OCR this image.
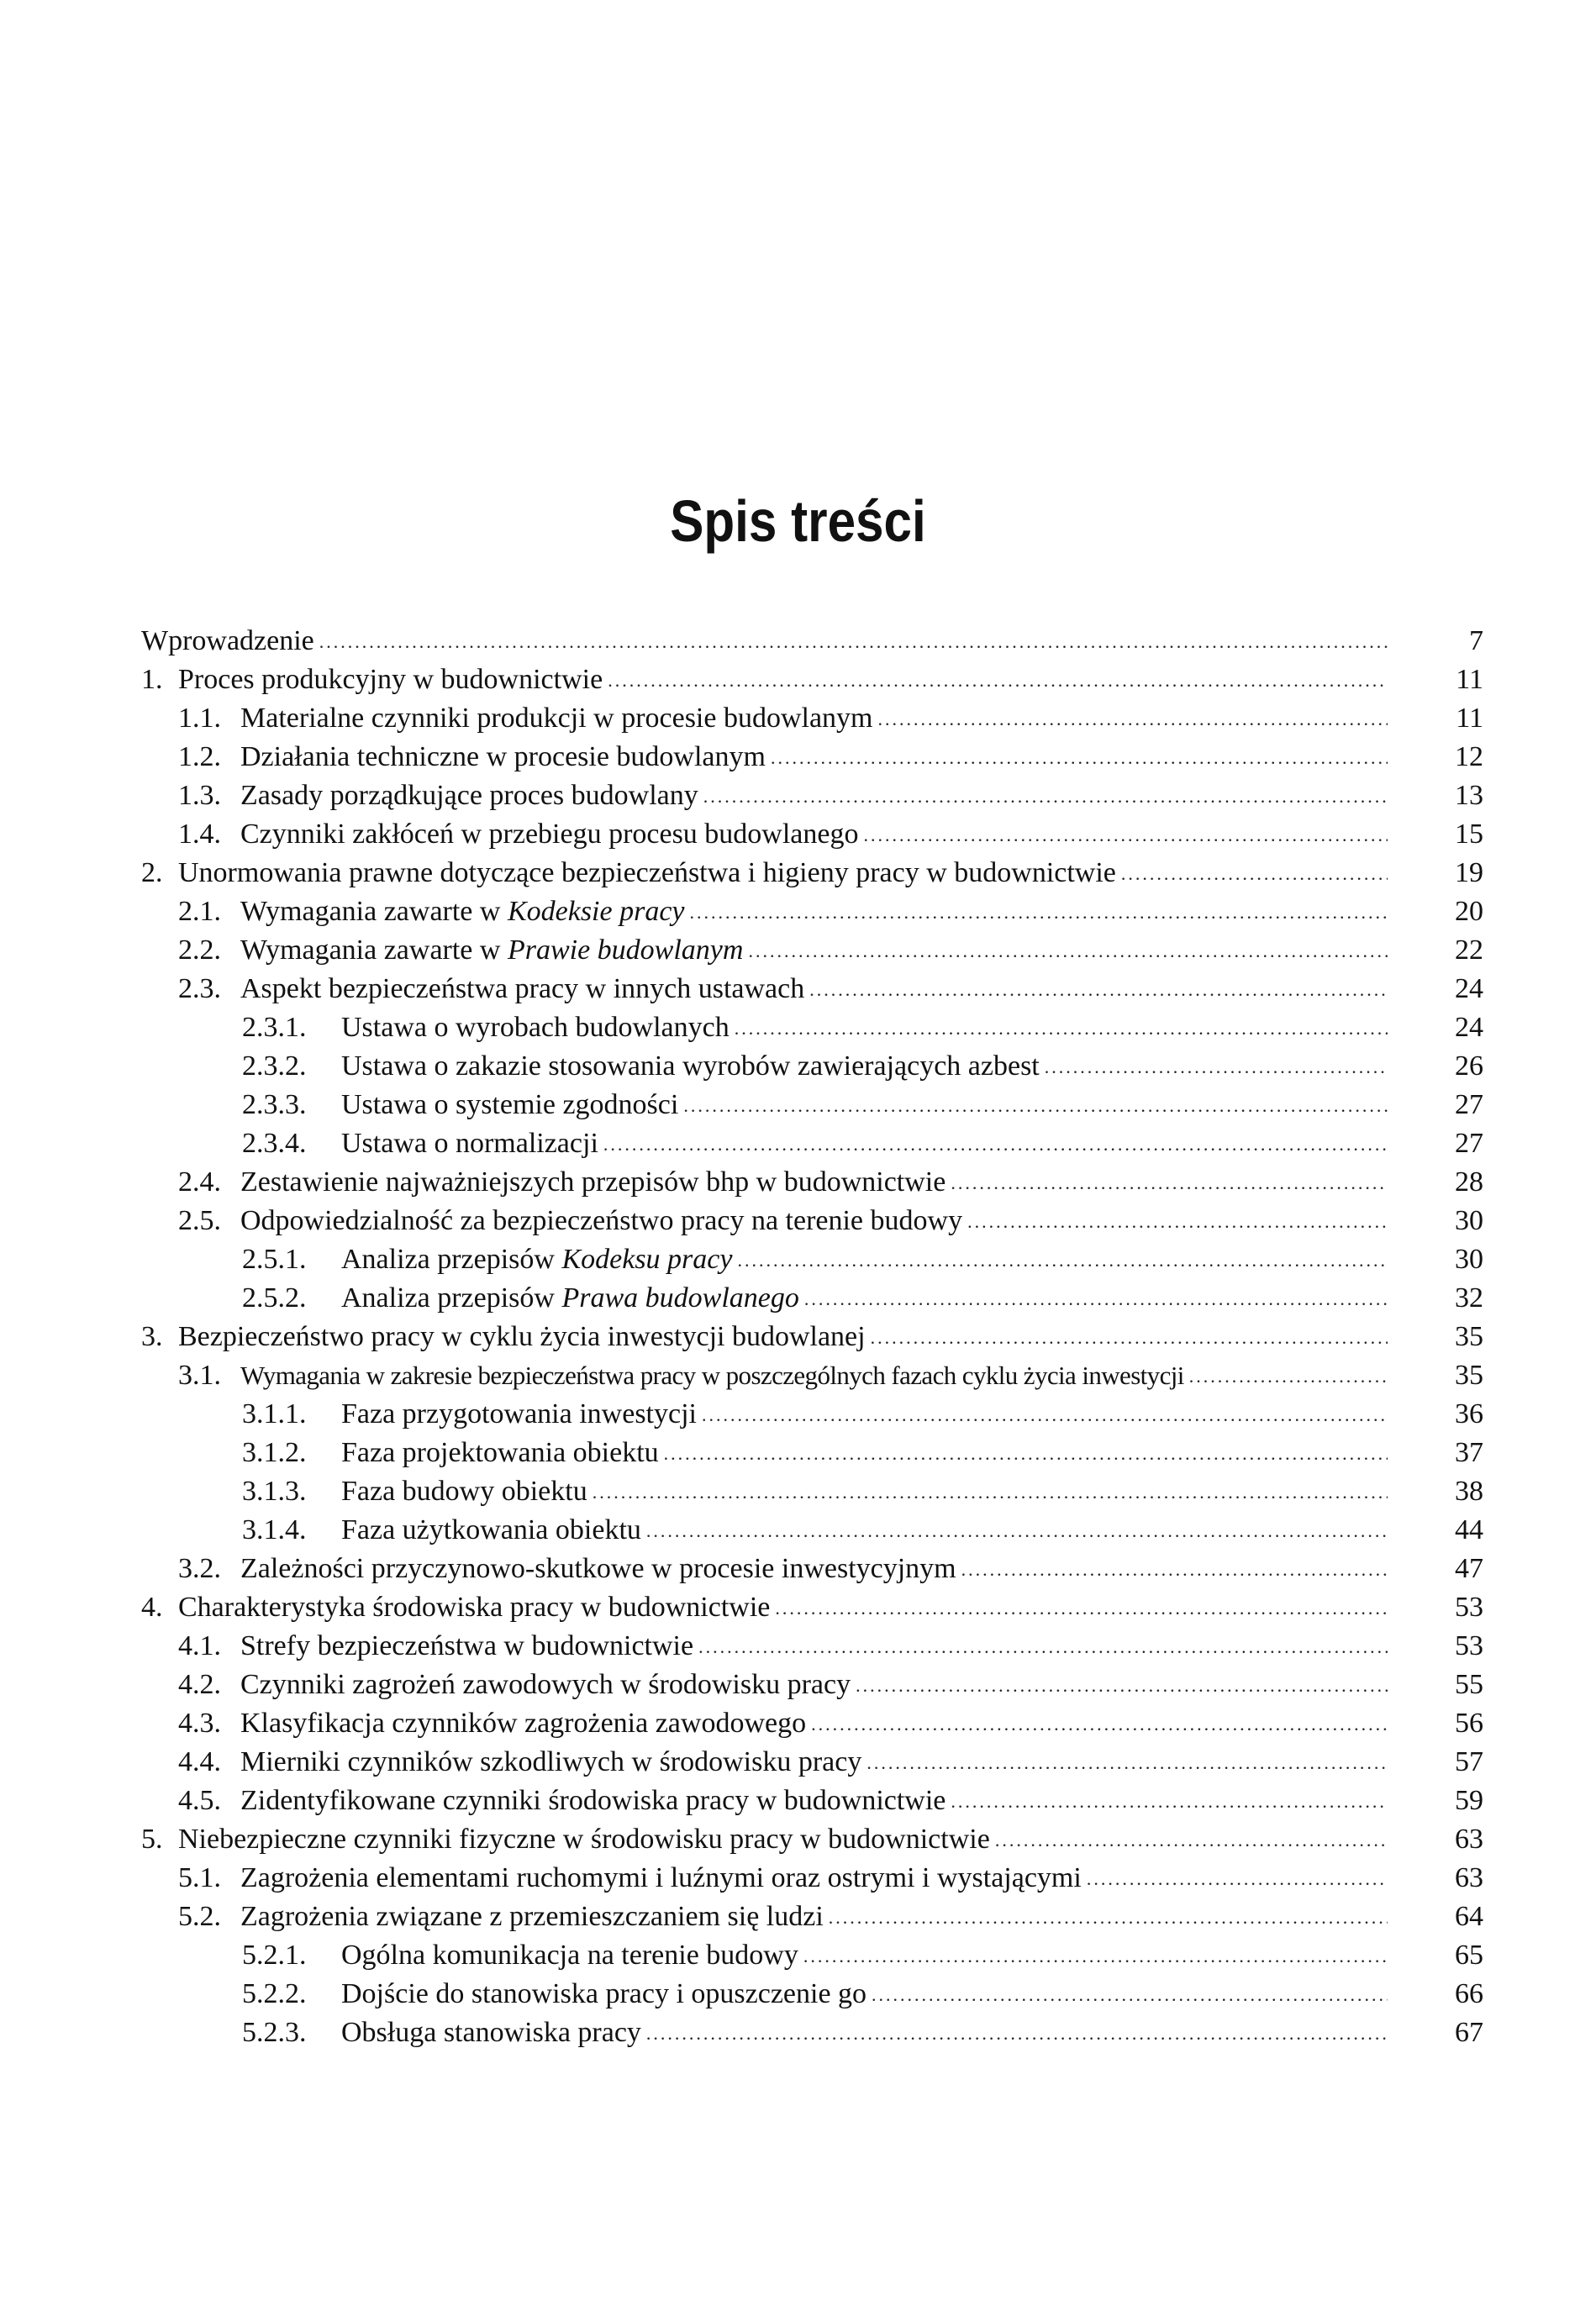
Spis treści
Wprowadzenie .....	7
1. Proces produkcyjny w budownictwie .....	11
1.1. Materialne czynniki produkcji w procesie budowlanym .....	11
1.2. Działania techniczne w procesie budowlanym .....	12
1.3. Zasady porządkujące proces budowlany .....	13
1.4. Czynniki zakłóceń w przebiegu procesu budowlanego .....	15
2. Unormowania prawne dotyczące bezpieczeństwa i higieny pracy w budownictwie .....	19
2.1. Wymagania zawarte w Kodeksie pracy .....	20
2.2. Wymagania zawarte w Prawie budowlanym .....	22
2.3. Aspekt bezpieczeństwa pracy w innych ustawach .....	24
2.3.1.	Ustawa o wyrobach budowlanych .....	24
2.3.2.	Ustawa o zakazie stosowania wyrobów zawierających azbest .....	26
2.3.3.	Ustawa o systemie zgodności .....	27
2.3.4.	Ustawa o normalizacji .....	27
2.4. Zestawienie najważniejszych przepisów bhp w budownictwie .....	28
2.5. Odpowiedzialność za bezpieczeństwo pracy na terenie budowy .....	30
2.5.1.	Analiza przepisów Kodeksu pracy .....	30
2.5.2.	Analiza przepisów Prawa budowlanego .....	32
3. Bezpieczeństwo pracy w cyklu życia inwestycji budowlanej .....	35
3.1. Wymagania w zakresie bezpieczeństwa pracy w poszczególnych fazach cyklu życia inwestycji .....	35
3.1.1.	Faza przygotowania inwestycji .....	36
3.1.2.	Faza projektowania obiektu .....	37
3.1.3.	Faza budowy obiektu .....	38
3.1.4.	Faza użytkowania obiektu .....	44
3.2. Zależności przyczynowo-skutkowe w procesie inwestycyjnym .....	47
4. Charakterystyka środowiska pracy w budownictwie .....	53
4.1. Strefy bezpieczeństwa w budownictwie .....	53
4.2. Czynniki zagrożeń zawodowych w środowisku pracy .....	55
4.3. Klasyfikacja czynników zagrożenia zawodowego .....	56
4.4. Mierniki czynników szkodliwych w środowisku pracy .....	57
4.5. Zidentyfikowane czynniki środowiska pracy w budownictwie .....	59
5. Niebezpieczne czynniki fizyczne w środowisku pracy w budownictwie .....	63
5.1. Zagrożenia elementami ruchomymi i luźnymi oraz ostrymi i wystającymi .....	63
5.2. Zagrożenia związane z przemieszczaniem się ludzi .....	64
5.2.1.	Ogólna komunikacja na terenie budowy .....	65
5.2.2.	Dojście do stanowiska pracy i opuszczenie go .....	66
5.2.3.	Obsługa stanowiska pracy .....	67
